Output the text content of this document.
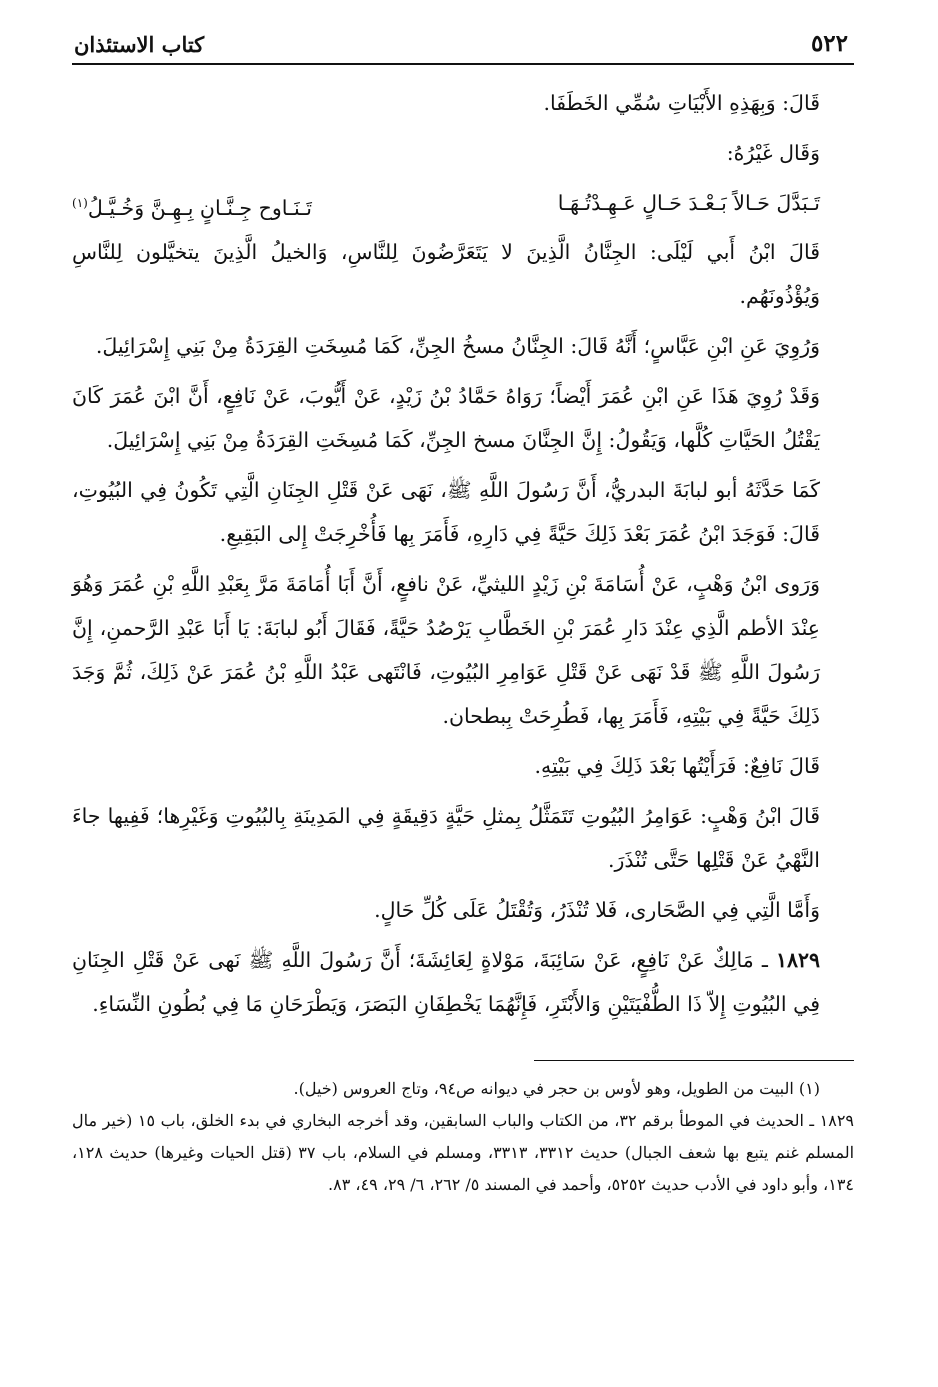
٥٢٢
كتاب الاستئذان

قَالَ: وَبِهَذِهِ الأَبْيَاتِ سُمِّي الخَطَفَا.

وَقَال غَيْرُهُ:

تَـبَدَّلَ حَـالاً بَـعْـدَ حَـالٍ عَـهِـدْتُـهَـا
تَـنَـاوح جِـنَّـانٍ بِـهِـنَّ وَخُـيَّـلُ$^{(١)}$

قَالَ ابْنُ أَبي لَيْلَى: الجِنَّانُ الَّذِينَ لا يَتَعَرَّضُونَ لِلنَّاسِ، وَالخيلُ الَّذِينَ يتخيَّلون لِلنَّاسِ وَيُؤْذُونَهُم.

وَرُوِيَ عَنِ ابْنِ عَبَّاسٍ؛ أَنَّهُ قَالَ: الجِنَّانُ مسخُ الجِنِّ، كَمَا مُسِخَتِ القِرَدَةُ مِنْ بَنِي إِسْرَائِيلَ.

وَقَدْ رُوِيَ هَذَا عَنِ ابْنِ عُمَرَ أَيْضاً؛ رَوَاهُ حَمَّادُ بْنُ زَيْدٍ، عَنْ أَيُّوبَ، عَنْ نَافِعٍ، أَنَّ ابْنَ عُمَرَ كَانَ يَقْتُلُ الحَيَّاتِ كُلَّها، وَيَقُولُ: إِنَّ الجِنَّانَ مسخ الجِنِّ، كَمَا مُسِخَتِ القِرَدَةُ مِنْ بَنِي إِسْرَائِيلَ.

كَمَا حَدَّثَهُ أبو لبابَةَ البدريُّ، أَنَّ رَسُولَ اللَّهِ ﷺ، نَهَى عَنْ قَتْلِ الجِنَانِ الَّتِي تَكُونُ فِي البُيُوتِ، قَالَ: فَوَجَدَ ابْنُ عُمَرَ بَعْدَ ذَلِكَ حَيَّةً فِي دَارِهِ، فَأَمَرَ بِها فَأُخْرِجَتْ إِلى البَقِيعِ.

وَرَوى ابْنُ وَهْبٍ، عَنْ أُسَامَةَ بْنِ زَيْدٍ الليثيِّ، عَنْ نافعٍ، أَنَّ أَبَا أُمَامَةَ مَرَّ بِعَبْدِ اللَّهِ بْنِ عُمَرَ وَهُوَ عِنْدَ الأطم الَّذِي عِنْدَ دَارِ عُمَرَ بْنِ الخَطَّابِ يَرْصُدُ حَيَّةً، فَقَالَ أَبُو لبابَةَ: يَا أَبَا عَبْدِ الرَّحمنِ، إِنَّ رَسُولَ اللَّهِ ﷺ قَدْ نَهَى عَنْ قَتْلِ عَوَامِرِ البُيُوتِ، فَانْتَهى عَبْدُ اللَّهِ بْنُ عُمَرَ عَنْ ذَلِكَ، ثُمَّ وَجَدَ ذَلِكَ حَيَّةً فِي بَيْتِهِ، فَأَمَرَ بِها، فَطُرِحَتْ بِبطحان.

قَالَ نَافِعٌ: فَرَأَيْتُها بَعْدَ ذَلِكَ فِي بَيْتِهِ.

قَالَ ابْنُ وَهْبٍ: عَوَامِرُ البُيُوتِ تَتَمَثَّلُ بِمثلِ حَيَّةٍ دَقِيقَةٍ فِي المَدِينَةِ بِالبُيُوتِ وَغَيْرِها؛ فَفِيها جاءَ النَّهْيُ عَنْ قَتْلِها حَتَّى تُنْذَرَ.

وَأَمَّا الَّتِي فِي الصَّحَارى، فَلا تُنْذَرُ، وَتُقْتَلُ عَلَى كُلِّ حَالٍ.

١٨٢٩ ـ مَالِكٌ عَنْ نَافِعٍ، عَنْ سَائِبَةَ، مَوْلاةٍ لِعَائِشَةَ؛ أَنَّ رَسُولَ اللَّهِ ﷺ نَهى عَنْ قَتْلِ الجِنَانِ فِي البُيُوتِ إِلاّ ذَا الطُّفْيَتَيْنِ وَالأَبْتَرِ، فَإِنَّهُمَا يَخْطِفَانِ البَصَرَ، وَيَطْرَحَانِ مَا فِي بُطُونِ النِّسَاءِ.

(١) البيت من الطويل، وهو لأوس بن حجر في ديوانه ص٩٤، وتاج العروس (خيل).

١٨٢٩ ـ الحديث في الموطأ برقم ٣٢، من الكتاب والباب السابقين، وقد أخرجه البخاري في بدء الخلق، باب ١٥ (خير مال المسلم غنم يتبع بها شعف الجبال) حديث ٣٣١٢، ٣٣١٣، ومسلم في السلام، باب ٣٧ (قتل الحيات وغيرها) حديث ١٢٨، ١٣٤، وأبو داود في الأدب حديث ٥٢٥٢، وأحمد في المسند ٥/ ٢٦٢، ٦/ ٢٩، ٤٩، ٨٣.
